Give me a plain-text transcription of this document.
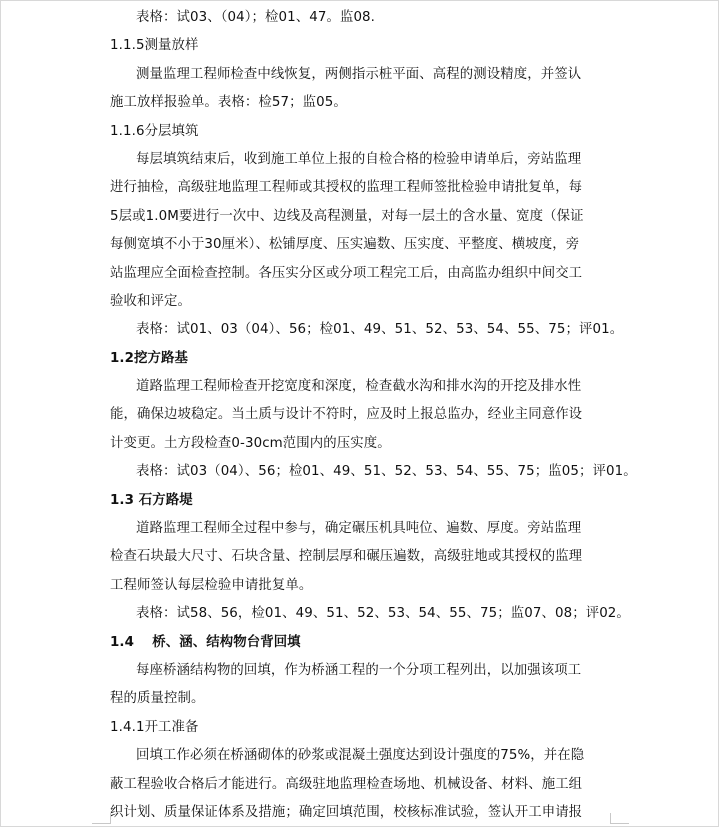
表格：试03、（04）；检01、47。监08.
1.1.5测量放样
测量监理工程师检查中线恢复，两侧指示桩平面、高程的测设精度，并签认
施工放样报验单。表格：检57；监05。
1.1.6分层填筑
每层填筑结束后，收到施工单位上报的自检合格的检验申请单后，旁站监理
进行抽检，高级驻地监理工程师或其授权的监理工程师签批检验申请批复单，每
5层或1.0M要进行一次中、边线及高程测量，对每一层土的含水量、宽度（保证
每侧宽填不小于30厘米）、松铺厚度、压实遍数、压实度、平整度、横坡度，旁
站监理应全面检查控制。各压实分区或分项工程完工后，由高监办组织中间交工
验收和评定。
表格：试01、03（04）、56；检01、49、51、52、53、54、55、75；评01。
1.2挖方路基
道路监理工程师检查开挖宽度和深度，检查截水沟和排水沟的开挖及排水性
能，确保边坡稳定。当土质与设计不符时，应及时上报总监办，经业主同意作设
计变更。土方段检查0-30cm范围内的压实度。
表格：试03（04）、56；检01、49、51、52、53、54、55、75；监05；评01。
1.3 石方路堤
道路监理工程师全过程中参与，确定碾压机具吨位、遍数、厚度。旁站监理
检查石块最大尺寸、石块含量、控制层厚和碾压遍数，高级驻地或其授权的监理
工程师签认每层检验申请批复单。
表格：试58、56，检01、49、51、52、53、54、55、75；监07、08；评02。
1.4　 桥、涵、结构物台背回填
每座桥涵结构物的回填，作为桥涵工程的一个分项工程列出，以加强该项工
程的质量控制。
1.4.1开工准备
回填工作必须在桥涵砌体的砂浆或混凝土强度达到设计强度的75%，并在隐
蔽工程验收合格后才能进行。高级驻地监理检查场地、机械设备、材料、施工组
织计划、质量保证体系及措施；确定回填范围，校核标准试验，签认开工申请报
